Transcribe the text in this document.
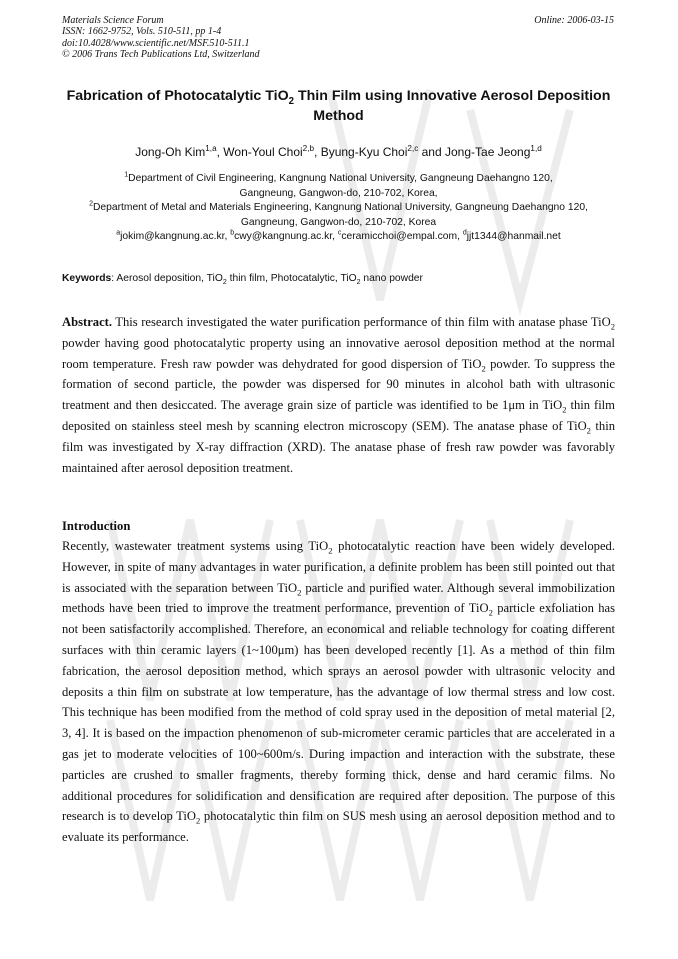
Materials Science Forum
ISSN: 1662-9752, Vols. 510-511, pp 1-4
doi:10.4028/www.scientific.net/MSF.510-511.1
© 2006 Trans Tech Publications Ltd, Switzerland
Online: 2006-03-15
Fabrication of Photocatalytic TiO$_2$ Thin Film using Innovative Aerosol Deposition Method
Jong-Oh Kim$^{1,a}$, Won-Youl Choi$^{2,b}$, Byung-Kyu Choi$^{2,c}$ and Jong-Tae Jeong$^{1,d}$
$^1$Department of Civil Engineering, Kangnung National University, Gangneung Daehangno 120,
Gangneung, Gangwon-do, 210-702, Korea,
$^2$Department of Metal and Materials Engineering, Kangnung National University, Gangneung Daehangno 120,
Gangneung, Gangwon-do, 210-702, Korea
$^a$jokim@kangnung.ac.kr, $^b$cwy@kangnung.ac.kr, $^c$ceramicchoi@empal.com, $^d$jjt1344@hanmail.net
Keywords: Aerosol deposition, TiO$_2$ thin film, Photocatalytic, TiO$_2$ nano powder
Abstract. This research investigated the water purification performance of thin film with anatase phase TiO$_2$ powder having good photocatalytic property using an innovative aerosol deposition method at the normal room temperature. Fresh raw powder was dehydrated for good dispersion of TiO$_2$ powder. To suppress the formation of second particle, the powder was dispersed for 90 minutes in alcohol bath with ultrasonic treatment and then desiccated. The average grain size of particle was identified to be 1μm in TiO$_2$ thin film deposited on stainless steel mesh by scanning electron microscopy (SEM). The anatase phase of TiO$_2$ thin film was investigated by X-ray diffraction (XRD). The anatase phase of fresh raw powder was favorably maintained after aerosol deposition treatment.
Introduction
Recently, wastewater treatment systems using TiO$_2$ photocatalytic reaction have been widely developed. However, in spite of many advantages in water purification, a definite problem has been still pointed out that is associated with the separation between TiO$_2$ particle and purified water. Although several immobilization methods have been tried to improve the treatment performance, prevention of TiO$_2$ particle exfoliation has not been satisfactorily accomplished. Therefore, an economical and reliable technology for coating different surfaces with thin ceramic layers (1~100μm) has been developed recently [1]. As a method of thin film fabrication, the aerosol deposition method, which sprays an aerosol powder with ultrasonic velocity and deposits a thin film on substrate at low temperature, has the advantage of low thermal stress and low cost. This technique has been modified from the method of cold spray used in the deposition of metal material [2, 3, 4]. It is based on the impaction phenomenon of sub-micrometer ceramic particles that are accelerated in a gas jet to moderate velocities of 100~600m/s. During impaction and interaction with the substrate, these particles are crushed to smaller fragments, thereby forming thick, dense and hard ceramic films. No additional procedures for solidification and densification are required after deposition. The purpose of this research is to develop TiO$_2$ photocatalytic thin film on SUS mesh using an aerosol deposition method and to evaluate its performance.
